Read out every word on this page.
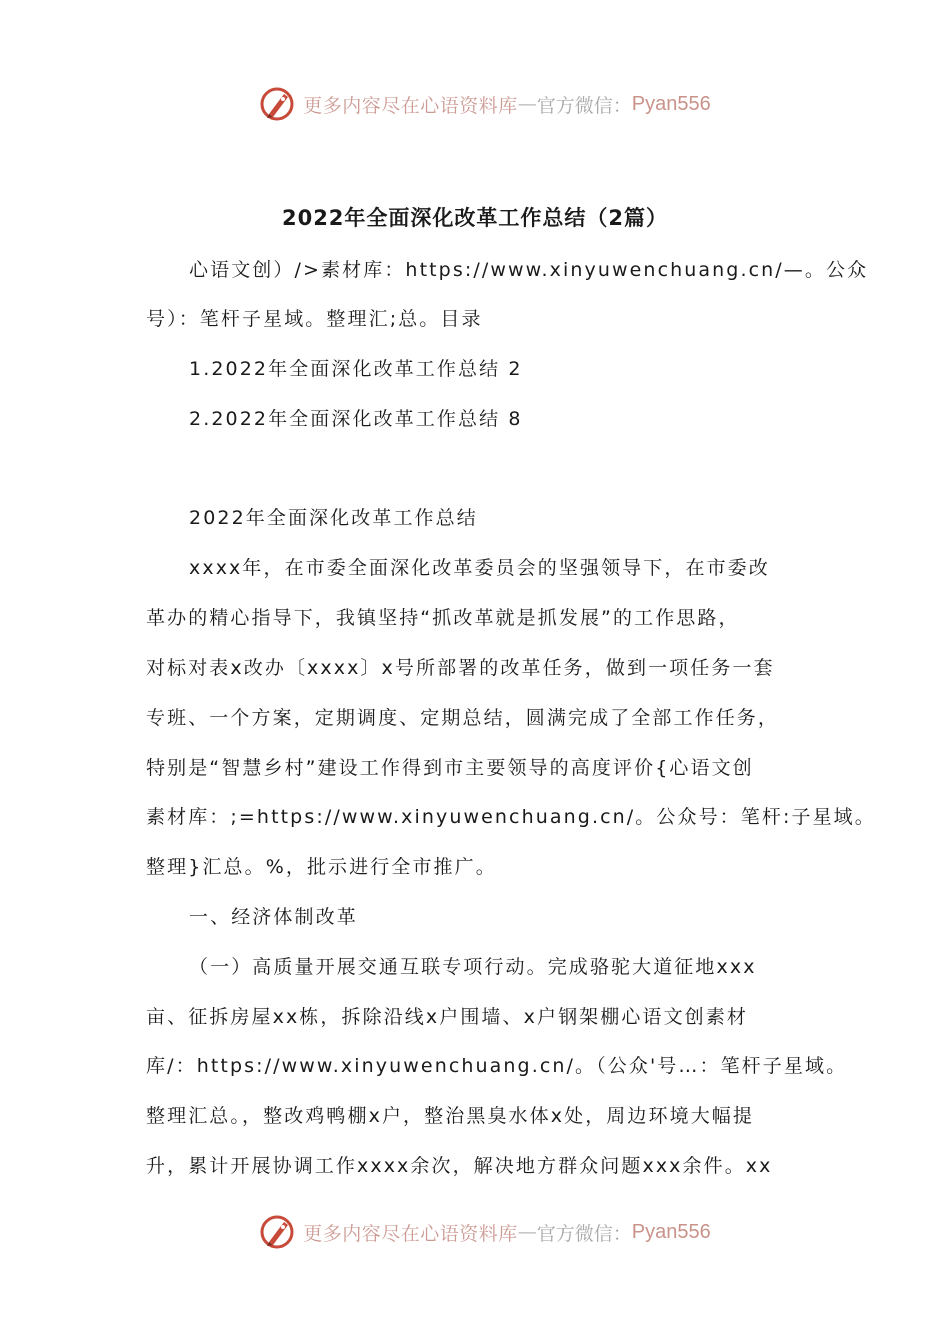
更多内容尽在心语资料库 — 官方微信： Pyan556
2022年全面深化改革工作总结（2篇）
心语文创）/>素材库：https://www.xinyuwenchuang.cn/—。公众
号）：笔杆子星域。整理汇;总。目录
1.2022年全面深化改革工作总结 2
2.2022年全面深化改革工作总结 8
2022年全面深化改革工作总结
xxxx年，在市委全面深化改革委员会的坚强领导下，在市委改
革办的精心指导下，我镇坚持“抓改革就是抓发展”的工作思路，
对标对表x改办〔xxxx〕x号所部署的改革任务，做到一项任务一套
专班、一个方案，定期调度、定期总结，圆满完成了全部工作任务，
特别是“智慧乡村”建设工作得到市主要领导的高度评价{心语文创
素材库：;=https://www.xinyuwenchuang.cn/。公众号：笔杆:子星域。
整理}汇总。%，批示进行全市推广。
一、经济体制改革
（一）高质量开展交通互联专项行动。完成骆驼大道征地xxx
亩、征拆房屋xx栋，拆除沿线x户围墙、x户钢架棚心语文创素材
库/：https://www.xinyuwenchuang.cn/。（公众'号…：笔杆子星域。
整理汇总。，整改鸡鸭棚x户，整治黑臭水体x处，周边环境大幅提
升，累计开展协调工作xxxx余次，解决地方群众问题xxx余件。xx
更多内容尽在心语资料库 — 官方微信： Pyan556
